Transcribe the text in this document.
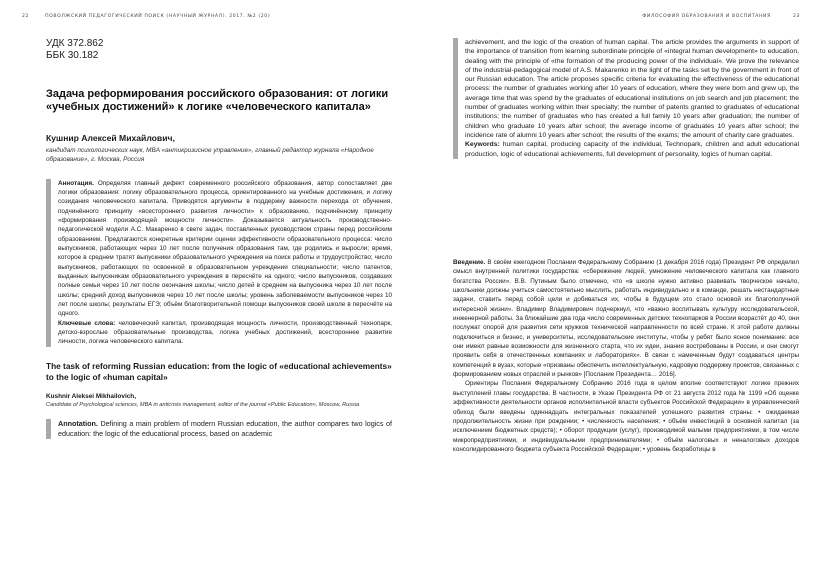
22	ПОВОЛЖСКИЙ ПЕДАГОГИЧЕСКИЙ ПОИСК (НАУЧНЫЙ ЖУРНАЛ). 2017. №2 (20)	ФИЛОСОФИЯ ОБРАЗОВАНИЯ И ВОСПИТАНИЯ	23
УДК 372.862
ББК 30.182
Задача реформирования российского образования: от логики «учебных достижений» к логике «человеческого капитала»
Кушнир Алексей Михайлович,
кандидат психологических наук, MBA «антикризисное управление», главный редактор журнала «Народное образование», г. Москва, Россия
Аннотация. Определяя главный дефект современного российского образования, автор сопоставляет две логики образования: логику образовательного процесса, ориентированного на учебные достижения, и логику созидания человеческого капитала. Приводятся аргументы в поддержку важности перехода от обучения, подчинённого принципу «всестороннего развития личности» к образованию, подчинённому принципу «формирования производящей мощности личности». Доказывается актуальность производственно-педагогической модели А.С. Макаренко в свете задач, поставленных руководством страны перед российским образованием. Предлагаются конкретные критерии оценки эффективности образовательного процесса: число выпускников, работающих через 10 лет после получения образования там, где родились и выросли; время, которое в среднем тратят выпускники образовательного учреждения на поиск работы и трудоустройство; число выпускников, работающих по освоенной в образовательном учреждении специальности; число патентов, выданных выпускникам образовательного учреждения в пересчёте на одного; число выпускников, создавших полные семьи через 10 лет после окончания школы; число детей в среднем на выпускника через 10 лет после школы; средний доход выпускников через 10 лет после школы; уровень заболеваемости выпускников через 10 лет после школы; результаты ЕГЭ; объём благотворительной помощи выпускников своей школе в пересчёте на одного.
Ключевые слова: человеческий капитал, производящая мощность личности, производственный технопарк, детско-взрослые образовательные производства, логика учебных достижений, всестороннее развитие личности, логика человеческого капитала.
The task of reforming Russian education: from the logic of «educational achievements» to the logic of «human capital»
Kushnir Aleksei Mikhailovich,
Candidate of Psychological sciences, MBA in anticrisis management, editor of the journal «Public Education», Moscow, Russia
Annotation. Defining a main problem of modern Russian education, the author compares two logics of education: the logic of the educational process, based on academic
achievement, and the logic of the creation of human capital. The article provides the arguments in support of the importance of transition from learning subordinate principle of «integral human development» to education, dealing with the principle of «the formation of the producing power of the individual». We prove the relevance of the industrial-pedagogical model of A.S. Makarenko in the light of the tasks set by the government in front of our Russian education. The article proposes specific criteria for evaluating the effectiveness of the educational process: the number of graduates working after 10 years of education, where they were born and grew up, the average time that was spend by the graduates of educational institutions on job search and job placement; the number of graduates working within their specialty; the number of patents granted to graduates of educational institutions; the number of graduates who has created a full family 10 years after graduation; the number of children who graduate 10 years after school; the average income of graduates 10 years after school; the incidence rate of alumni 10 years after school; the results of the exams; the amount of charity care graduates.
Keywords: human capital, producing capacity of the individual, Technopark, children and adult educational production, logic of educational achievements, full development of personality, logics of human capital.

Введение. В своём ежегодном Послании Федеральному Собранию (1 декабря 2016 года) Президент РФ определил смысл внутренней политики государства: «сбережение людей, умножение человеческого капитала как главного богатства России». В.В. Путиным было отмечено, что «в школе нужно активно развивать творческое начало, школьники должны учиться самостоятельно мыслить, работать индивидуально и в команде, решать нестандартные задачи, ставить перед собой цели и добиваться их, чтобы в будущем это стало основой их благополучной интересной жизни». Владимир Владимирович подчеркнул, что «важно воспитывать культуру исследовательской, инженерной работы. За ближайшие два года число современных детских технопарков в России возрастёт до 40, они послужат опорой для развития сети кружков технической направленности по всей стране. К этой работе должны подключиться и бизнес, и университеты, исследовательские институты, чтобы у ребят было ясное понимание: все они имеют равные возможности для жизненного старта, что их идеи, знания востребованы в России, и они смогут проявить себя в отечественных компаниях и лабораториях». В связи с намеченным будут создаваться центры компетенций в вузах, которые «призваны обеспечить интеллектуальную, кадровую поддержку проектов, связанных с формированием новых отраслей и рынков» [Послание Президента… 2016].

Ориентиры Послания Федеральному Собранию 2016 года в целом вполне соответствуют логике прежних выступлений главы государства. В частности, в Указе Президента РФ от 21 августа 2012 года № 1199 «Об оценке эффективности деятельности органов исполнительной власти субъектов Российской Федерации» в управленческий обиход были введены одиннадцать интегральных показателей успешного развития страны: • ожидаемая продолжительность жизни при рождении; • численность населения; • объём инвестиций в основной капитал (за исключением бюджетных средств); • оборот продукции (услуг), производимой малыми предприятиями, в том числе микропредприятиями, и индивидуальными предпринимателями; • объём налоговых и неналоговых доходов консолидированного бюджета субъекта Российской Федерации; • уровень безработицы в
